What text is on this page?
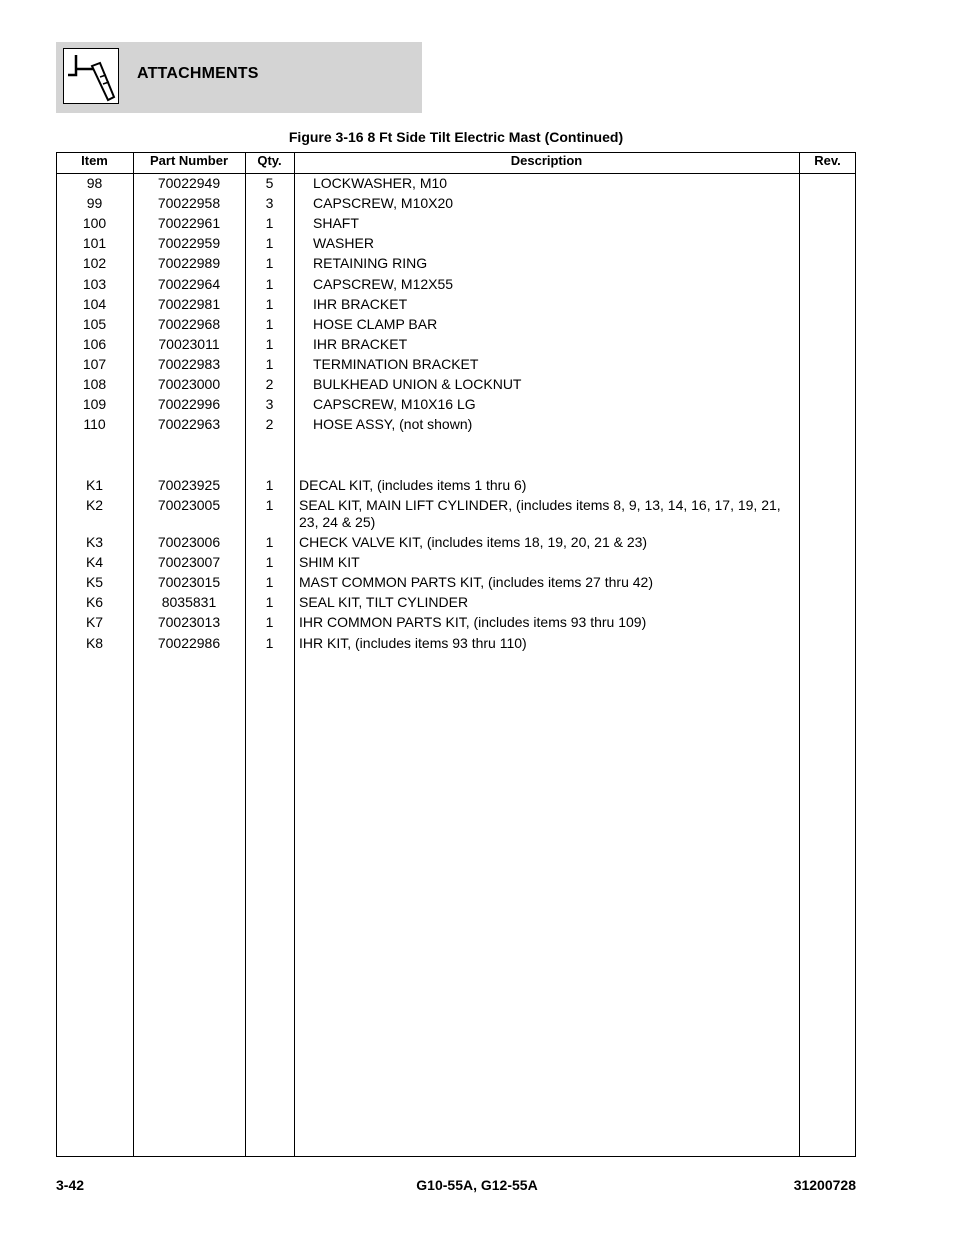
ATTACHMENTS
Figure 3-16 8 Ft Side Tilt Electric Mast (Continued)
Item	Part Number	Qty.	Description	Rev.
98	70022949	5	LOCKWASHER, M10
99	70022958	3	CAPSCREW, M10X20
100	70022961	1	SHAFT
101	70022959	1	WASHER
102	70022989	1	RETAINING RING
103	70022964	1	CAPSCREW, M12X55
104	70022981	1	IHR BRACKET
105	70022968	1	HOSE CLAMP BAR
106	70023011	1	IHR BRACKET
107	70022983	1	TERMINATION BRACKET
108	70023000	2	BULKHEAD UNION & LOCKNUT
109	70022996	3	CAPSCREW, M10X16 LG
110	70022963	2	HOSE ASSY, (not shown)
K1	70023925	1	DECAL KIT, (includes items 1 thru 6)
K2	70023005	1	SEAL KIT, MAIN LIFT CYLINDER, (includes items 8, 9, 13, 14, 16, 17, 19, 21, 23, 24 & 25)
K3	70023006	1	CHECK VALVE KIT, (includes items 18, 19, 20, 21 & 23)
K4	70023007	1	SHIM KIT
K5	70023015	1	MAST COMMON PARTS KIT, (includes items 27 thru 42)
K6	8035831	1	SEAL KIT, TILT CYLINDER
K7	70023013	1	IHR COMMON PARTS KIT, (includes items 93 thru 109)
K8	70022986	1	IHR KIT, (includes items 93 thru 110)
3-42	G10-55A, G12-55A	31200728
